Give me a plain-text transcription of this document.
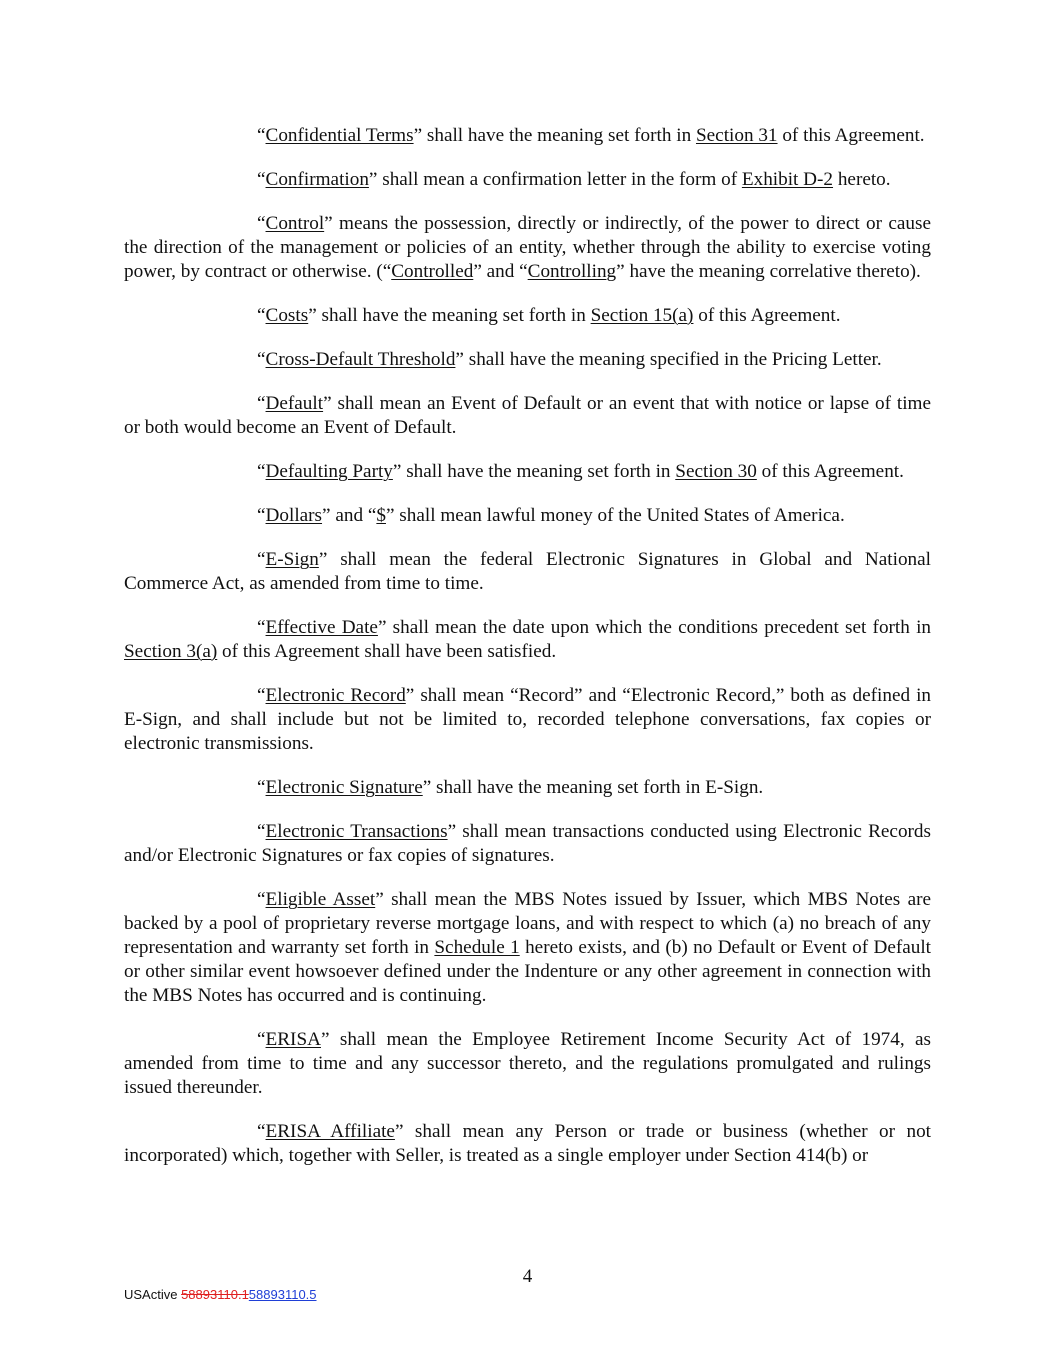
“Confidential Terms” shall have the meaning set forth in Section 31 of this Agreement.

“Confirmation” shall mean a confirmation letter in the form of Exhibit D-2 hereto.

“Control” means the possession, directly or indirectly, of the power to direct or cause the direction of the management or policies of an entity, whether through the ability to exercise voting power, by contract or otherwise. (“Controlled” and “Controlling” have the meaning correlative thereto).

“Costs” shall have the meaning set forth in Section 15(a) of this Agreement.

“Cross-Default Threshold” shall have the meaning specified in the Pricing Letter.

“Default” shall mean an Event of Default or an event that with notice or lapse of time or both would become an Event of Default.

“Defaulting Party” shall have the meaning set forth in Section 30 of this Agreement.

“Dollars” and “$” shall mean lawful money of the United States of America.

“E-Sign” shall mean the federal Electronic Signatures in Global and National Commerce Act, as amended from time to time.

“Effective Date” shall mean the date upon which the conditions precedent set forth in Section 3(a) of this Agreement shall have been satisfied.

“Electronic Record” shall mean “Record” and “Electronic Record,” both as defined in E-Sign, and shall include but not be limited to, recorded telephone conversations, fax copies or electronic transmissions.

“Electronic Signature” shall have the meaning set forth in E-Sign.

“Electronic Transactions” shall mean transactions conducted using Electronic Records and/or Electronic Signatures or fax copies of signatures.

“Eligible Asset” shall mean the MBS Notes issued by Issuer, which MBS Notes are backed by a pool of proprietary reverse mortgage loans, and with respect to which (a) no breach of any representation and warranty set forth in Schedule 1 hereto exists, and (b) no Default or Event of Default or other similar event howsoever defined under the Indenture or any other agreement in connection with the MBS Notes has occurred and is continuing.

“ERISA” shall mean the Employee Retirement Income Security Act of 1974, as amended from time to time and any successor thereto, and the regulations promulgated and rulings issued thereunder.

“ERISA Affiliate” shall mean any Person or trade or business (whether or not incorporated) which, together with Seller, is treated as a single employer under Section 414(b) or

4
USActive 58893110.158893110.5
